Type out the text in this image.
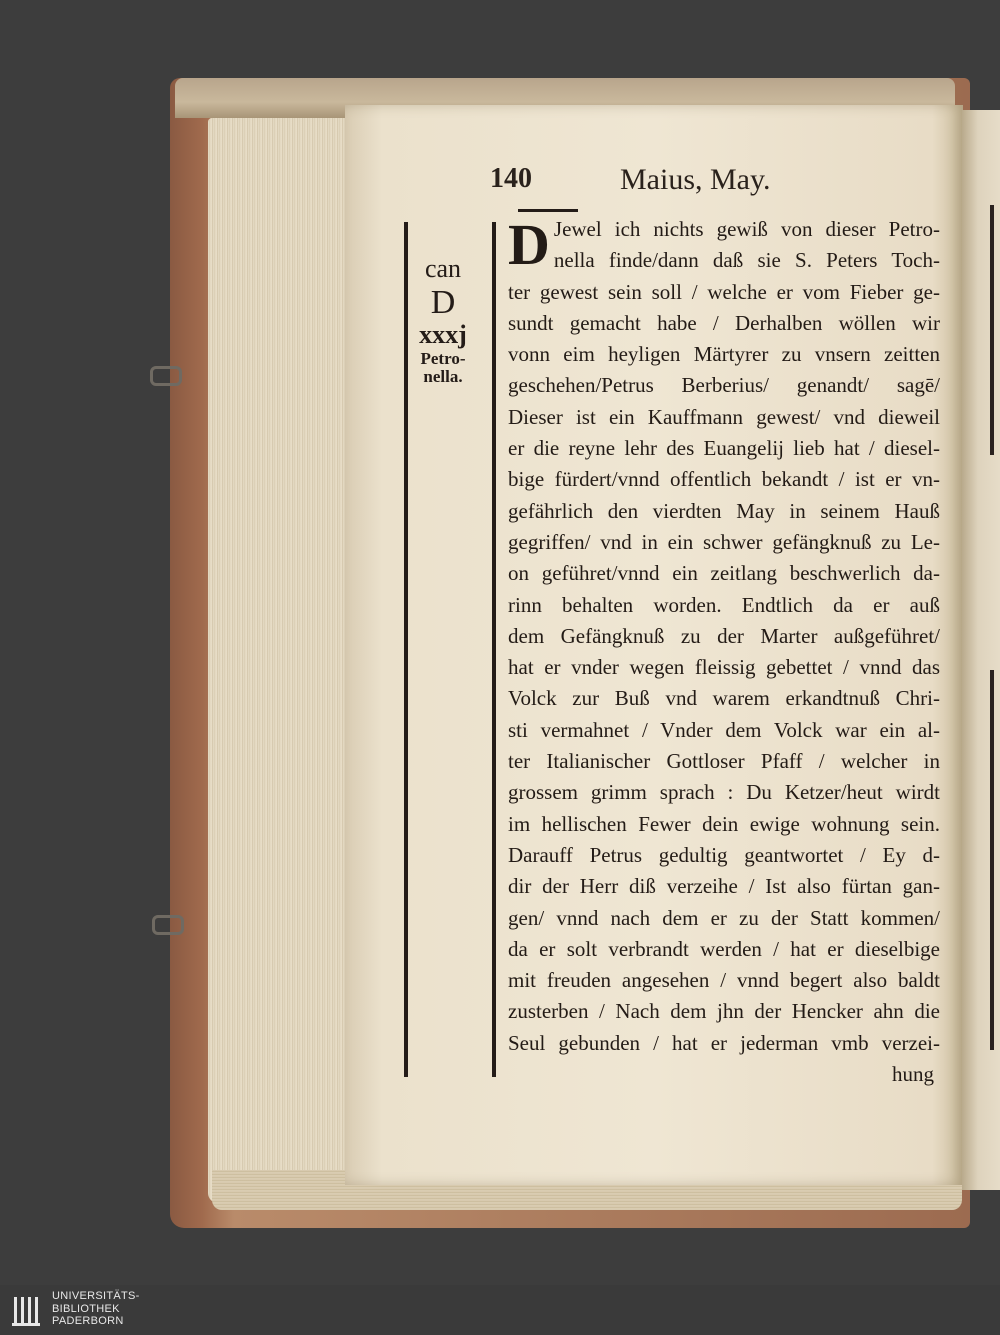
140	Maius, May.
can
D
xxxj
Petro-
nella.
D Jewel ich nichts gewiß von dieser Petro-
nella finde/dann daß sie S. Peters Toch-
ter gewest sein soll / welche er vom Fieber ge-
sundt gemacht habe / Derhalben wöllen wir
vonn eim heyligen Märtyrer zu vnsern zeitten
geschehen/Petrus Berberius/ genandt/ sagē/
Dieser ist ein Kauffmann gewest/ vnd dieweil
er die reyne lehr des Euangelij lieb hat / diesel-
bige fürdert/vnnd offentlich bekandt / ist er vn-
gefährlich den vierdten May in seinem Hauß
gegriffen/ vnd in ein schwer gefängknuß zu Le-
on geführet/vnnd ein zeitlang beschwerlich da-
rinn behalten worden. Endtlich da er auß
dem Gefängknuß zu der Marter außgeführet/
hat er vnder wegen fleissig gebettet / vnnd das
Volck zur Buß vnd warem erkandtnuß Chri-
sti vermahnet / Vnder dem Volck war ein al-
ter Italianischer Gottloser Pfaff / welcher in
grossem grimm sprach : Du Ketzer/heut wirdt
im hellischen Fewer dein ewige wohnung sein.
Darauff Petrus gedultig geantwortet / Ey d-
dir der Herr diß verzeihe / Ist also fürtan gan-
gen/ vnnd nach dem er zu der Statt kommen/
da er solt verbrandt werden / hat er dieselbige
mit freuden angesehen / vnnd begert also baldt
zusterben / Nach dem jhn der Hencker ahn die
Seul gebunden / hat er jederman vmb verzei-
hung
UNIVERSITÄTS-
BIBLIOTHEK
PADERBORN
